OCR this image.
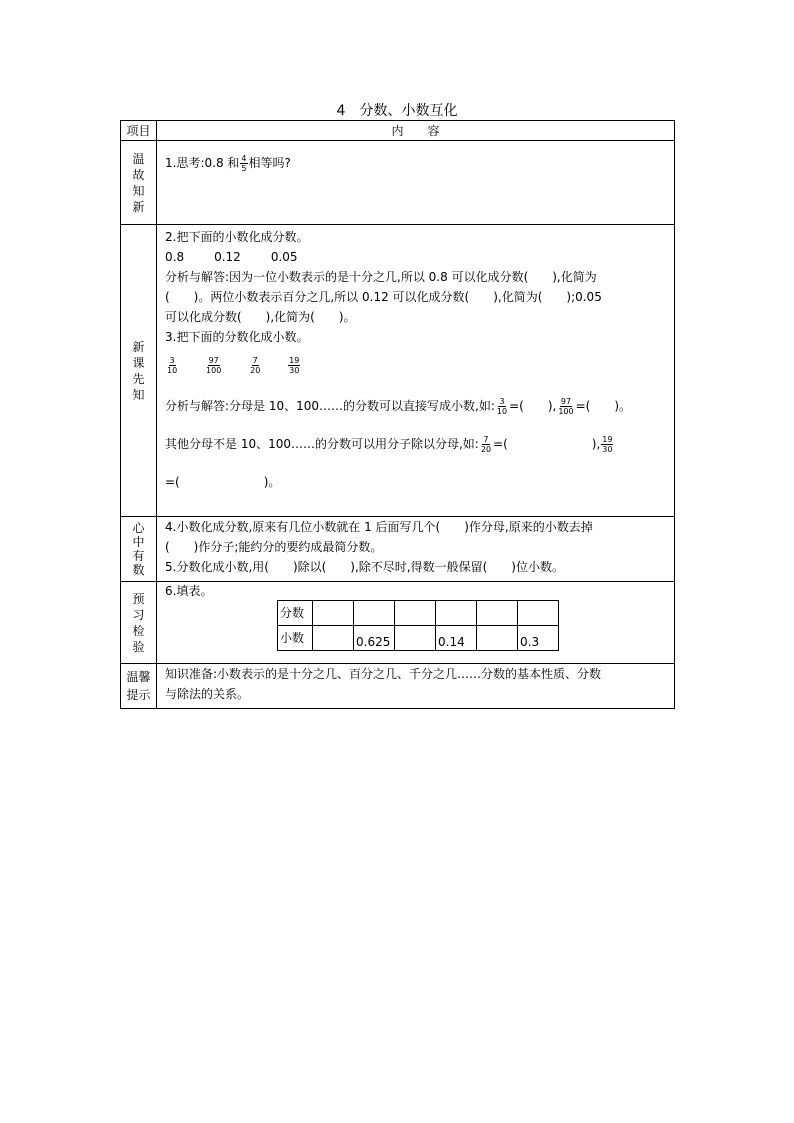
4 分数、小数互化
项目	内　　容

温
故
知
新

1.思考:0.8 和 $\frac{4}{5}$ 相等吗?

新
课
先
知

2.把下面的小数化成分数。
0.8	0.12	0.05
分析与解答:因为一位小数表示的是十分之几,所以 0.8 可以化成分数(　　),化简为
(　　)。两位小数表示百分之几,所以 0.12 可以化成分数(　　),化简为(　　);0.05
可以化成分数(　　),化简为(　　)。
3.把下面的分数化成小数。
$\frac{3}{10}$
	$\frac{97}{100}$
	$\frac{7}{20}$
	$\frac{19}{30}$
分析与解答:分母是 10、100……的分数可以直接写成小数,如: $\frac{3}{10}$ =(　　), $\frac{97}{100}$ =(　　)。
其他分母不是 10、100……的分数可以用分子除以分母,如: $\frac{7}{20}$ =(　　　　　　　), $\frac{19}{30}$
=(　　　　　　　)。

心
中
有
数

4.小数化成分数,原来有几位小数就在 1 后面写几个(　　)作分母,原来的小数去掉
(　　)作分子;能约分的要约成最简分数。
5.分数化成小数,用(　　)除以(　　),除不尽时,得数一般保留(　　)位小数。

预
习
检
验

6.填表。
分数						
小数		0.625		0.14		0.3

温馨
提示

知识准备:小数表示的是十分之几、百分之几、千分之几……分数的基本性质、分数
与除法的关系。
